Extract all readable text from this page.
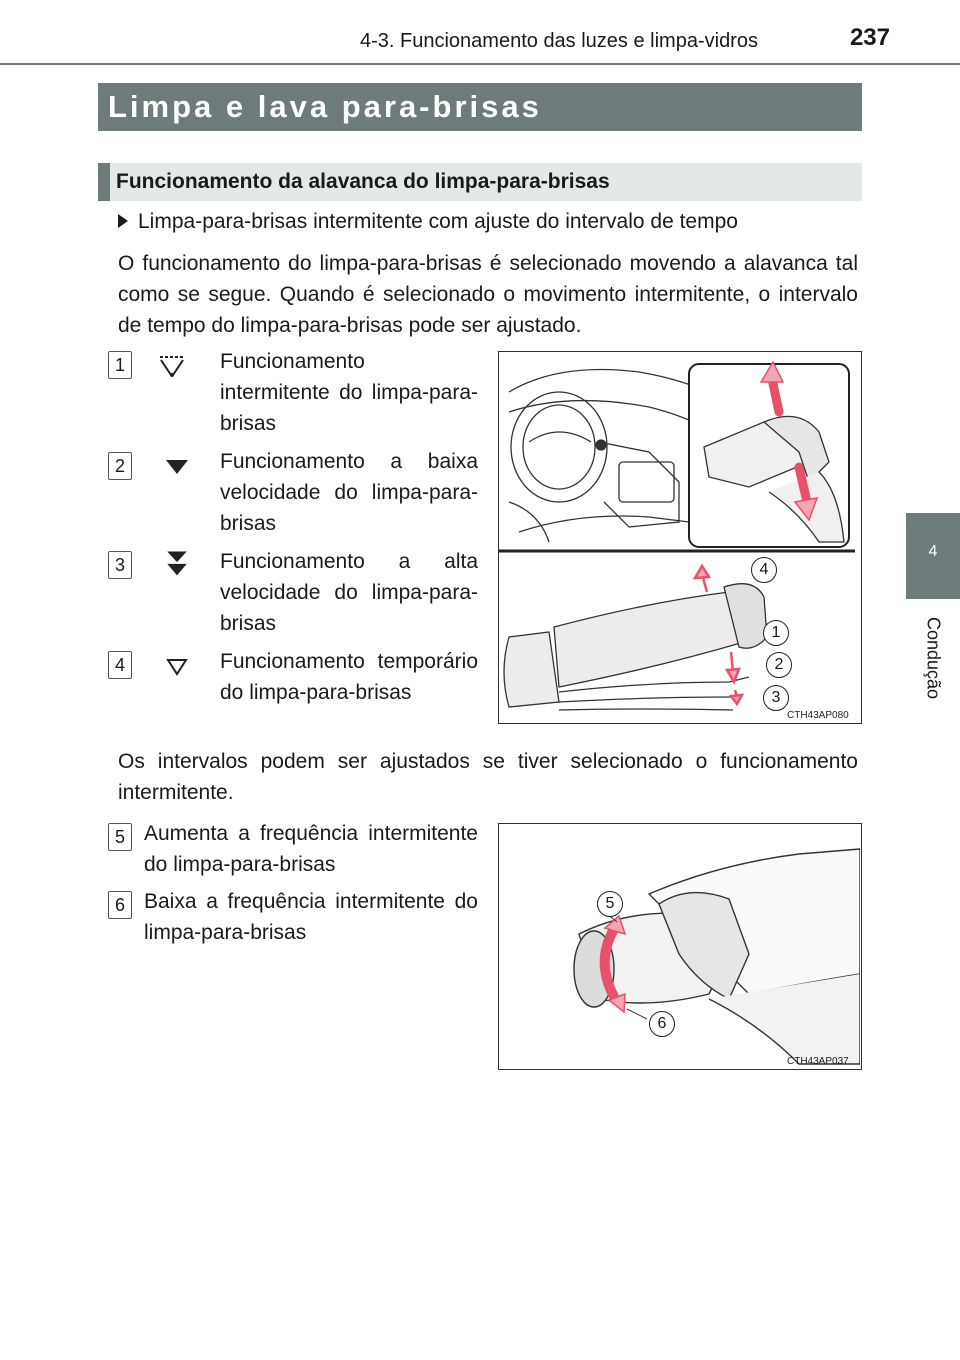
4-3. Funcionamento das luzes e limpa-vidros	237
4
Condução
Limpa e lava para-brisas
Funcionamento da alavanca do limpa-para-brisas
Limpa-para-brisas intermitente com ajuste do intervalo de tempo
O funcionamento do limpa-para-brisas é selecionado movendo a alavanca tal como se segue. Quando é selecionado o movimento intermitente, o intervalo de tempo do limpa-para-brisas pode ser ajustado.
1	Funcionamento intermitente do limpa-para-brisas
2	Funcionamento a baixa velocidade do limpa-para-brisas
3	Funcionamento a alta velocidade do limpa-para-brisas
4	Funcionamento temporário do limpa-para-brisas
4
1
2
3
CTH43AP080
Os intervalos podem ser ajustados se tiver selecionado o funcionamento intermitente.
5 Aumenta a frequência intermitente do limpa-para-brisas
6 Baixa a frequência intermitente do limpa-para-brisas
5
6
CTH43AP037
